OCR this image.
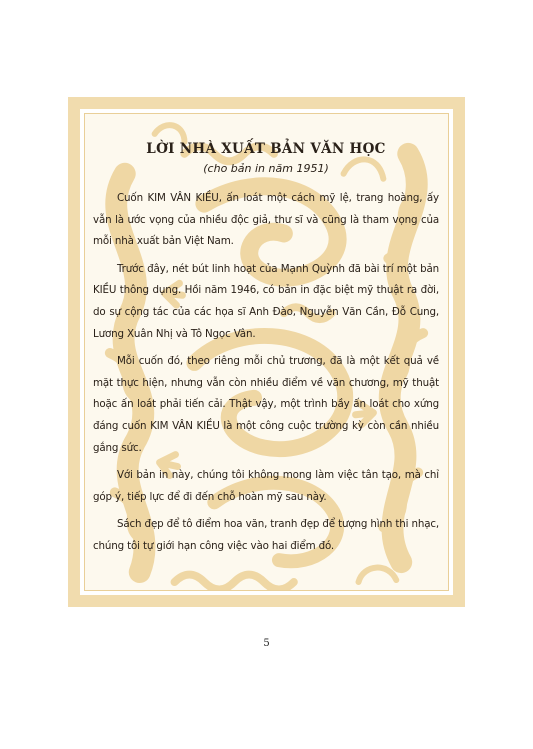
LỜI NHÀ XUẤT BẢN VĂN HỌC
(cho bản in năm 1951)

Cuốn KIM VÂN KIỀU, ấn loát một cách mỹ lệ, trang hoàng, ấy vẫn là ước vọng của nhiều độc giả, thư sĩ và cũng là tham vọng của mỗi nhà xuất bản Việt Nam.

Trước đây, nét bút linh hoạt của Mạnh Quỳnh đã bài trí một bản KIỀU thông dụng. Hồi năm 1946, có bản in đặc biệt mỹ thuật ra đời, do sự cộng tác của các họa sĩ Anh Đào, Nguyễn Văn Cần, Đỗ Cung, Lương Xuân Nhị và Tô Ngọc Vân.

Mỗi cuốn đó, theo riêng mỗi chủ trương, đã là một kết quả về mặt thực hiện, nhưng vẫn còn nhiều điểm về văn chương, mỹ thuật hoặc ấn loát phải tiến cải. Thật vậy, một trình bầy ấn loát cho xứng đáng cuốn KIM VÂN KIỀU là một công cuộc trường kỳ còn cần nhiều gắng sức.

Với bản in này, chúng tôi không mong làm việc tân tạo, mà chỉ góp ý, tiếp lực để đi đến chỗ hoàn mỹ sau này.

Sách đẹp để tô điểm hoa văn, tranh đẹp để tượng hình thi nhạc, chúng tôi tự giới hạn công việc vào hai điểm đó.

5
